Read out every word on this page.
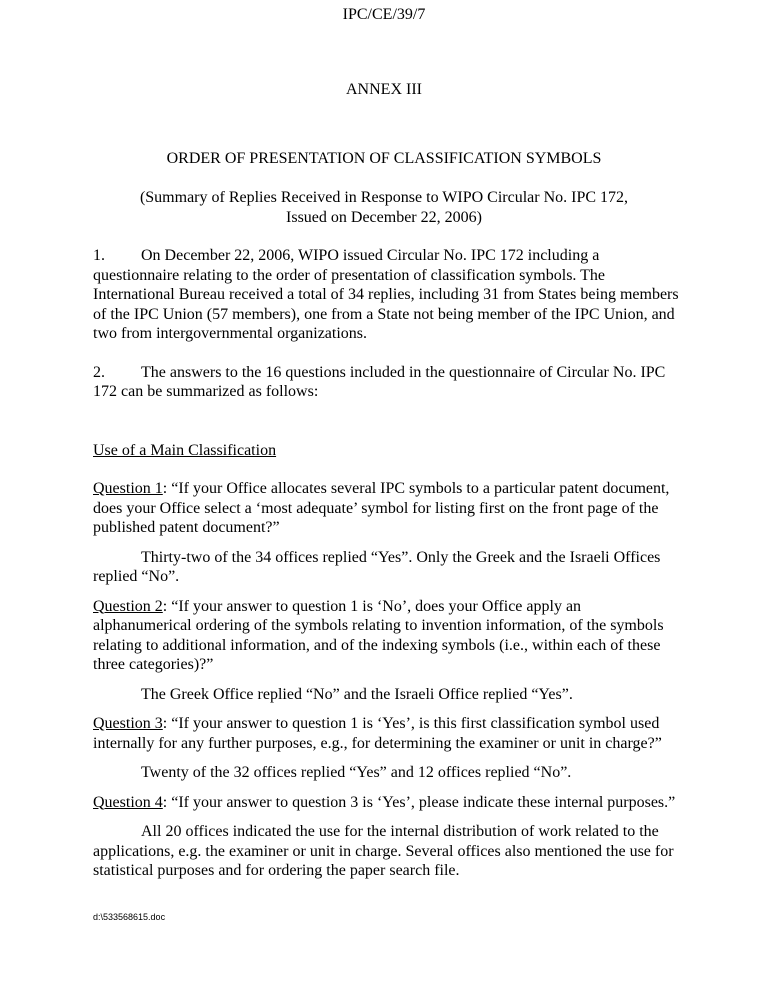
IPC/CE/39/7

ANNEX III

ORDER OF PRESENTATION OF CLASSIFICATION SYMBOLS

(Summary of Replies Received in Response to WIPO Circular No. IPC 172,
Issued on December 22, 2006)

1. On December 22, 2006, WIPO issued Circular No. IPC 172 including a questionnaire relating to the order of presentation of classification symbols. The International Bureau received a total of 34 replies, including 31 from States being members of the IPC Union (57 members), one from a State not being member of the IPC Union, and two from intergovernmental organizations.

2. The answers to the 16 questions included in the questionnaire of Circular No. IPC 172 can be summarized as follows:

Use of a Main Classification

Question 1: “If your Office allocates several IPC symbols to a particular patent document, does your Office select a ‘most adequate’ symbol for listing first on the front page of the published patent document?”

Thirty-two of the 34 offices replied “Yes”. Only the Greek and the Israeli Offices replied “No”.

Question 2: “If your answer to question 1 is ‘No’, does your Office apply an alphanumerical ordering of the symbols relating to invention information, of the symbols relating to additional information, and of the indexing symbols (i.e., within each of these three categories)?”

The Greek Office replied “No” and the Israeli Office replied “Yes”.

Question 3: “If your answer to question 1 is ‘Yes’, is this first classification symbol used internally for any further purposes, e.g., for determining the examiner or unit in charge?”

Twenty of the 32 offices replied “Yes” and 12 offices replied “No”.

Question 4: “If your answer to question 3 is ‘Yes’, please indicate these internal purposes.”

All 20 offices indicated the use for the internal distribution of work related to the applications, e.g. the examiner or unit in charge. Several offices also mentioned the use for statistical purposes and for ordering the paper search file.

d:\533568615.doc
